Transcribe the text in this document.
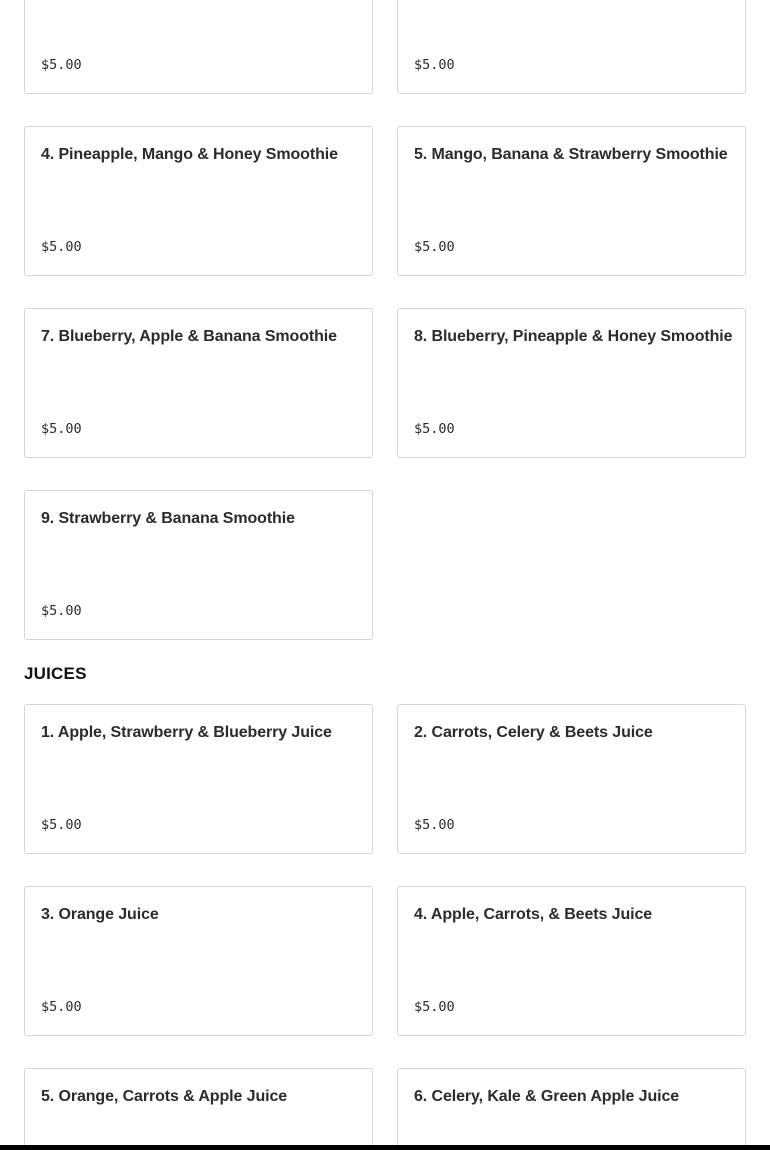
$5.00	$5.00
4. Pineapple, Mango & Honey Smoothie
$5.00
5. Mango, Banana & Strawberry Smoothie
$5.00
7. Blueberry, Apple & Banana Smoothie
$5.00
8. Blueberry, Pineapple & Honey Smoothie
$5.00
9. Strawberry & Banana Smoothie
$5.00
JUICES
1. Apple, Strawberry & Blueberry Juice
$5.00
2. Carrots, Celery & Beets Juice
$5.00
3. Orange Juice
$5.00
4. Apple, Carrots, & Beets Juice
$5.00
5. Orange, Carrots & Apple Juice	6. Celery, Kale & Green Apple Juice
